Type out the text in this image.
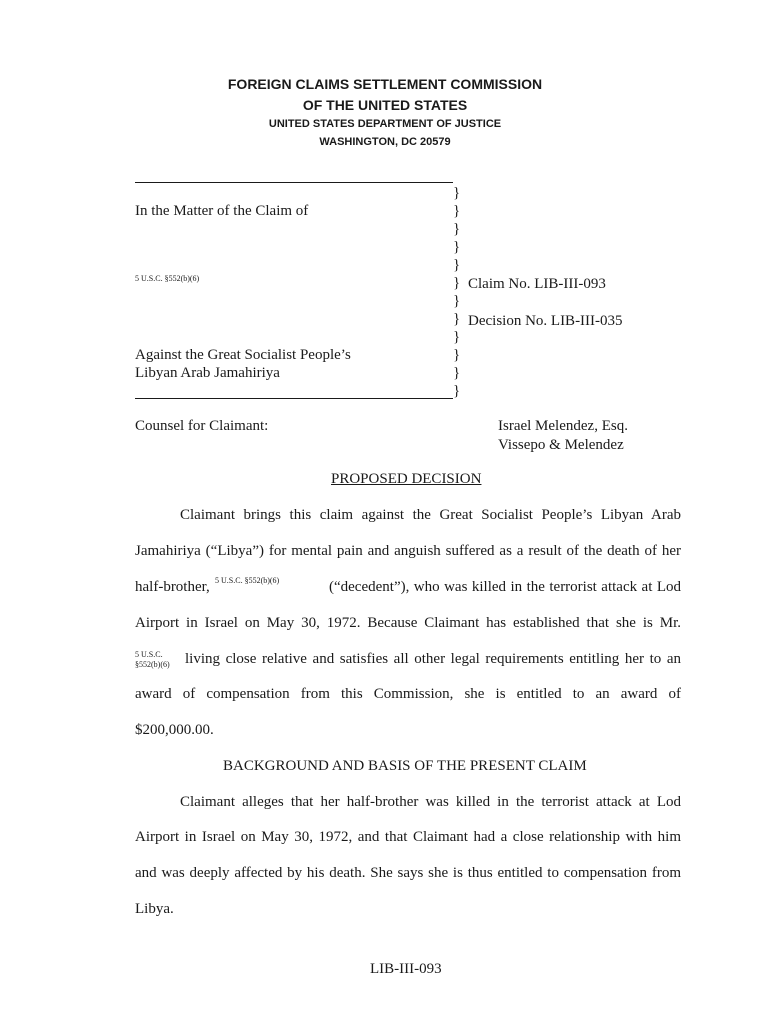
FOREIGN CLAIMS SETTLEMENT COMMISSION
OF THE UNITED STATES
UNITED STATES DEPARTMENT OF JUSTICE
WASHINGTON, DC 20579
}
}
}
}
}
}
}
}
}
}
}
}
In the Matter of the Claim of
5 U.S.C. §552(b)(6)
Against the Great Socialist People’s
Libyan Arab Jamahiriya
Claim No. LIB-III-093
Decision No. LIB-III-035
Counsel for Claimant:	Israel Melendez, Esq.
Vissepo & Melendez
PROPOSED DECISION
Claimant brings this claim against the Great Socialist People’s Libyan Arab
Jamahiriya (“Libya”) for mental pain and anguish suffered as a result of the death of her
half-brother, 5 U.S.C. §552(b)(6)	(“decedent”), who was killed in the terrorist attack at Lod
Airport in Israel on May 30, 1972. Because Claimant has established that she is Mr.
5 U.S.C.
§552(b)(6) living close relative and satisfies all other legal requirements entitling her to an
award of compensation from this Commission, she is entitled to an award of
$200,000.00.
BACKGROUND AND BASIS OF THE PRESENT CLAIM
Claimant alleges that her half-brother was killed in the terrorist attack at Lod
Airport in Israel on May 30, 1972, and that Claimant had a close relationship with him
and was deeply affected by his death. She says she is thus entitled to compensation from
Libya.
LIB-III-093
